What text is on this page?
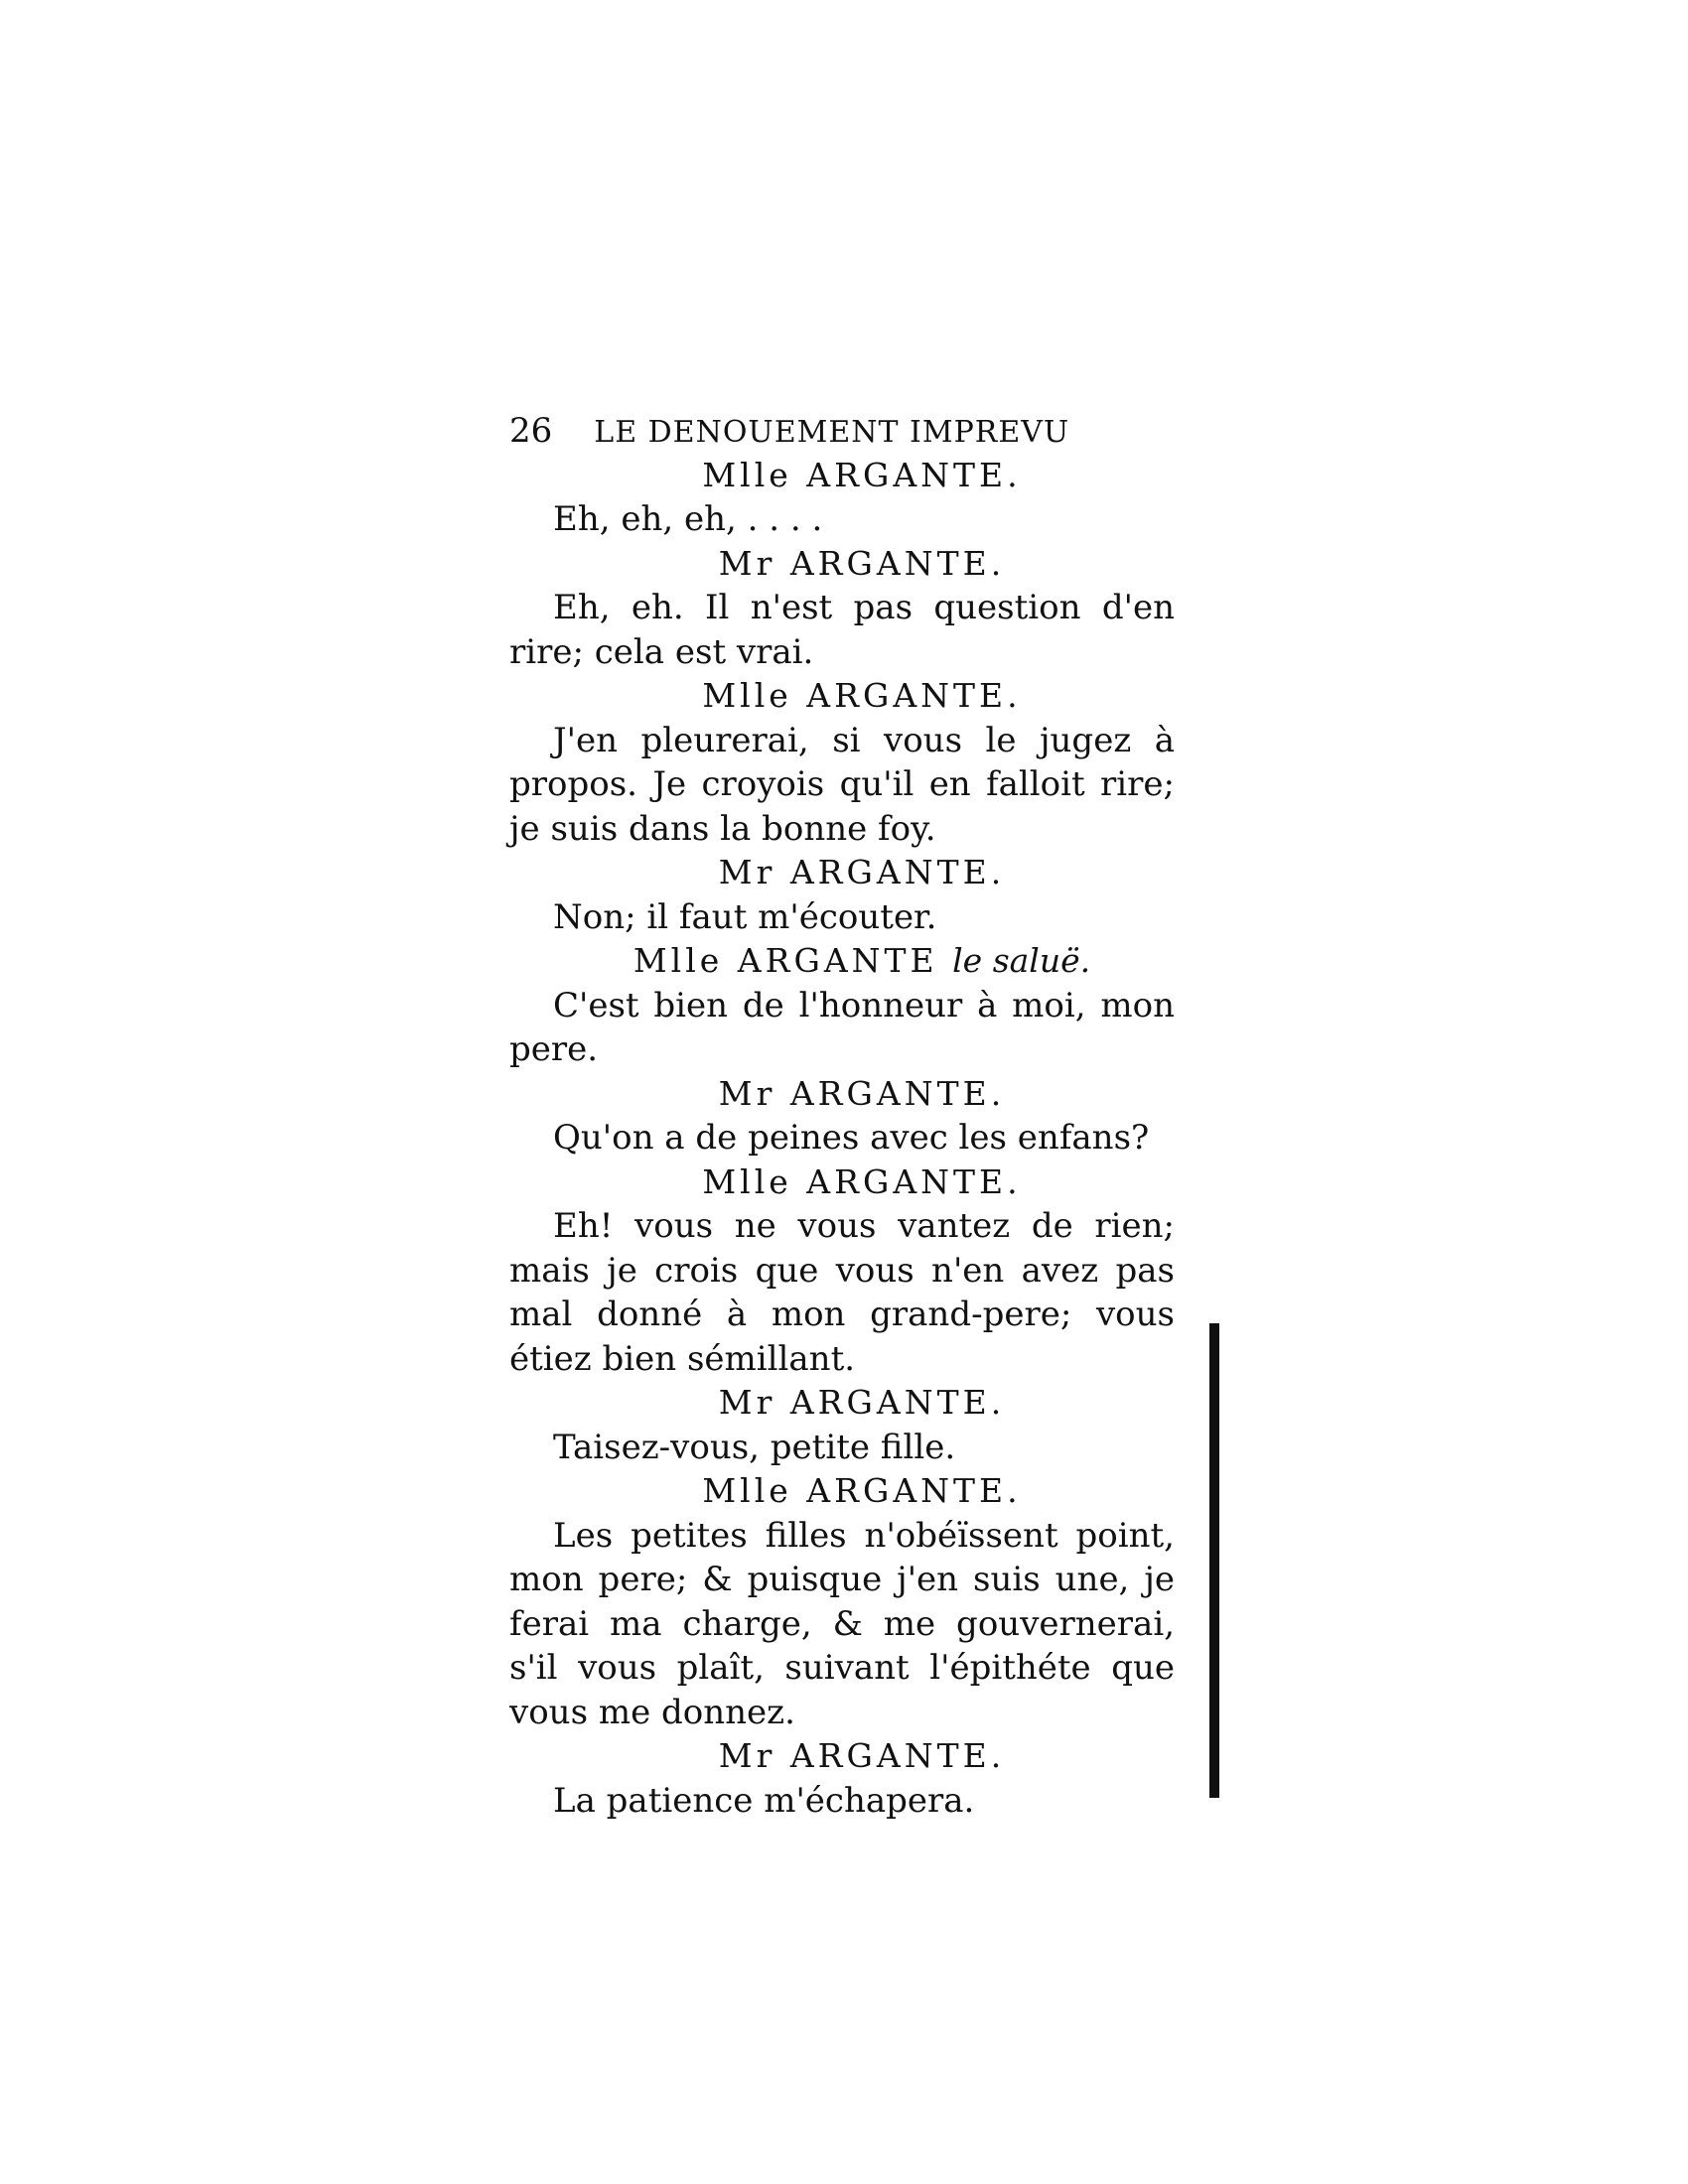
26 LE DENOUEMENT IMPREVU
Mlle ARGANTE.

Eh, eh, eh, . . . .

Mr ARGANTE.

Eh, eh. Il n'est pas question d'en rire; cela est vrai.

Mlle ARGANTE.

J'en pleurerai, si vous le jugez à propos. Je croyois qu'il en falloit rire; je suis dans la bonne foy.

Mr ARGANTE.

Non; il faut m'écouter.

Mlle ARGANTE le saluë.

C'est bien de l'honneur à moi, mon pere.

Mr ARGANTE.

Qu'on a de peines avec les enfans?

Mlle ARGANTE.

Eh! vous ne vous vantez de rien; mais je crois que vous n'en avez pas mal donné à mon grand-pere; vous étiez bien sémillant.

Mr ARGANTE.

Taisez-vous, petite fille.

Mlle ARGANTE.

Les petites filles n'obéïssent point, mon pere; & puisque j'en suis une, je ferai ma charge, & me gouvernerai, s'il vous plaît, suivant l'épithéte que vous me donnez.

Mr ARGANTE.

La patience m'échapera.
